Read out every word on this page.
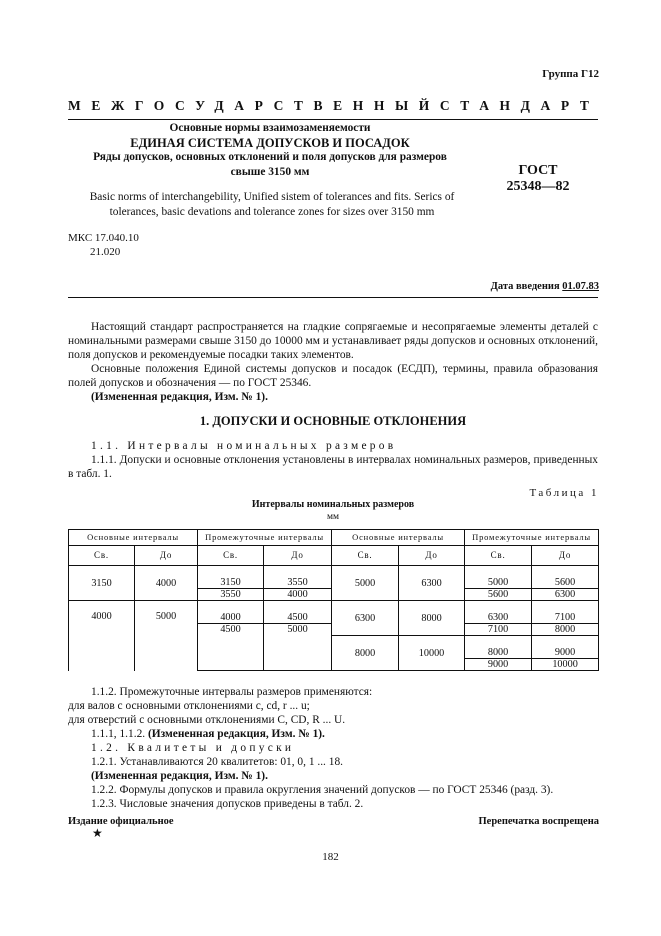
Группа Г12
МЕЖГОСУДАРСТВЕННЫЙ СТАНДАРТ
Основные нормы взаимозаменяемости
ЕДИНАЯ СИСТЕМА ДОПУСКОВ И ПОСАДОК
Ряды допусков, основных отклонений и поля допусков для размеров
свыше 3150 мм	ГОСТ
25348—82
Basic norms of interchangebility, Unified sistem of tolerances and fits. Serics of
tolerances, basic devations and tolerance zones for sizes over 3150 mm
МКС 17.040.10
21.020
Дата введения 01.07.83
Настоящий стандарт распространяется на гладкие сопрягаемые и несопрягаемые элементы деталей с номинальными размерами свыше 3150 до 10000 мм и устанавливает ряды допусков и основных отклонений, поля допусков и рекомендуемые посадки таких элементов.
Основные положения Единой системы допусков и посадок (ЕСДП), термины, правила образования полей допусков и обозначения — по ГОСТ 25346.
(Измененная редакция, Изм. № 1).
1. ДОПУСКИ И ОСНОВНЫЕ ОТКЛОНЕНИЯ
1.1. Интервалы номинальных размеров
1.1.1. Допуски и основные отклонения установлены в интервалах номинальных размеров, приведенных в табл. 1.
Таблица 1
Интервалы номинальных размеров
мм
Основные интервалы		Промежуточные интервалы		Основные интервалы		Промежуточные интервалы	
Св.	До	Св.	До	Св.	До	Св.	До
3150	4000			5000	6300		
		3150	3550			5000	5600
		3550	4000			5600	6300
4000	5000			6300	8000		
		4000	4500			6300	7100
		4500	5000			7100	8000
				8000	10000		
						8000	9000
						9000	10000
1.1.2. Промежуточные интервалы размеров применяются:
для валов с основными отклонениями c, cd, r ... u;
для отверстий с основными отклонениями C, CD, R ... U.
1.1.1, 1.1.2. (Измененная редакция, Изм. № 1).
1.2. Квалитеты и допуски
1.2.1. Устанавливаются 20 квалитетов: 01, 0, 1 ... 18.
(Измененная редакция, Изм. № 1).
1.2.2. Формулы допусков и правила округления значений допусков — по ГОСТ 25346 (разд. 3).
1.2.3. Числовые значения допусков приведены в табл. 2.
Издание официальное	Перепечатка воспрещена
★
182
